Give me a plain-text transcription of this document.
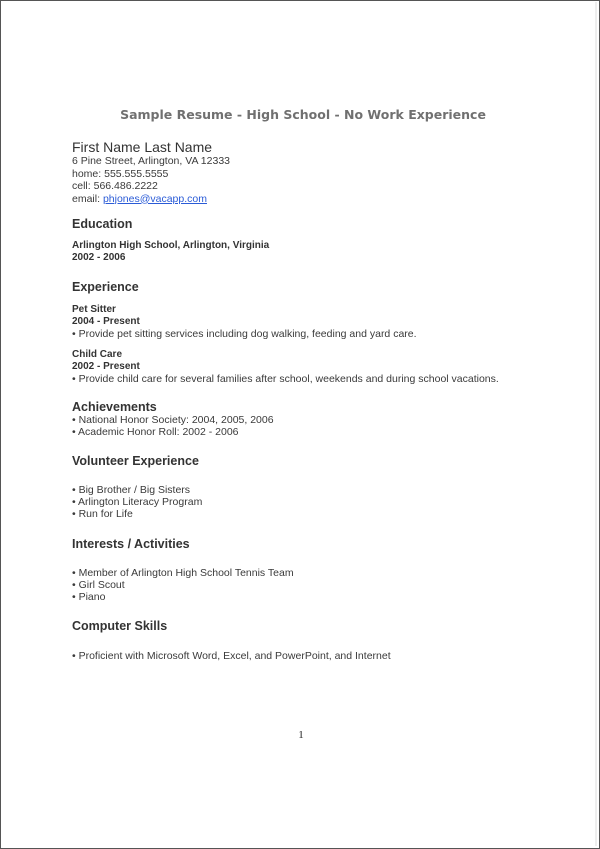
Sample Resume - High School - No Work Experience
First Name Last Name
6 Pine Street, Arlington, VA 12333
home: 555.555.5555
cell: 566.486.2222
email: phjones@vacapp.com
Education
Arlington High School, Arlington, Virginia
2002 - 2006
Experience
Pet Sitter
2004 - Present
• Provide pet sitting services including dog walking, feeding and yard care.
Child Care
2002 - Present
• Provide child care for several families after school, weekends and during school vacations.
Achievements
• National Honor Society: 2004, 2005, 2006
• Academic Honor Roll: 2002 - 2006
Volunteer Experience
• Big Brother / Big Sisters
• Arlington Literacy Program
• Run for Life
Interests / Activities
• Member of Arlington High School Tennis Team
• Girl Scout
• Piano
Computer Skills
• Proficient with Microsoft Word, Excel, and PowerPoint, and Internet
1
